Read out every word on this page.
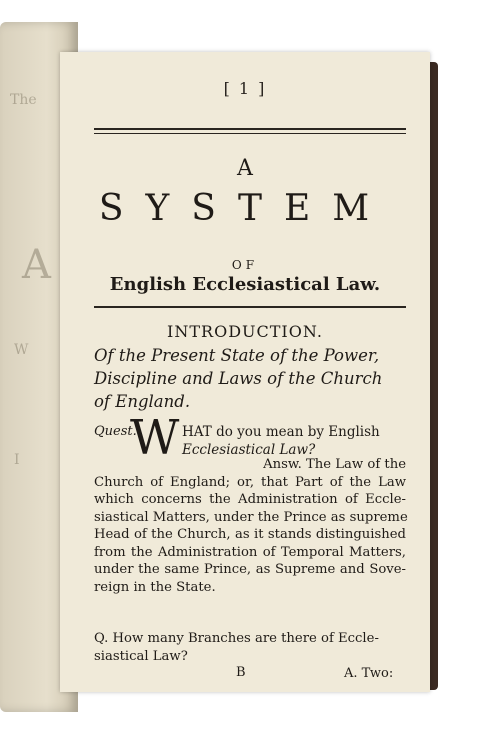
The
A
W
I
[ 1 ]
A
SYSTEM
OF
English Ecclesiastical Law.
INTRODUCTION.
Of the Present State of the Power,
Discipline and Laws of the Church
of England.
Quest.
W HAT do you mean by English
Ecclesiastical Law?
Answ. The Law of the
Church of England; or, that Part of the Law
which concerns the Administration of Eccle-
siastical Matters, under the Prince as supreme
Head of the Church, as it stands distinguished
from the Administration of Temporal Matters,
under the same Prince, as Supreme and Sove-
reign in the State.
Q. How many Branches are there of Eccle-
siastical Law?
B	A. Two:
